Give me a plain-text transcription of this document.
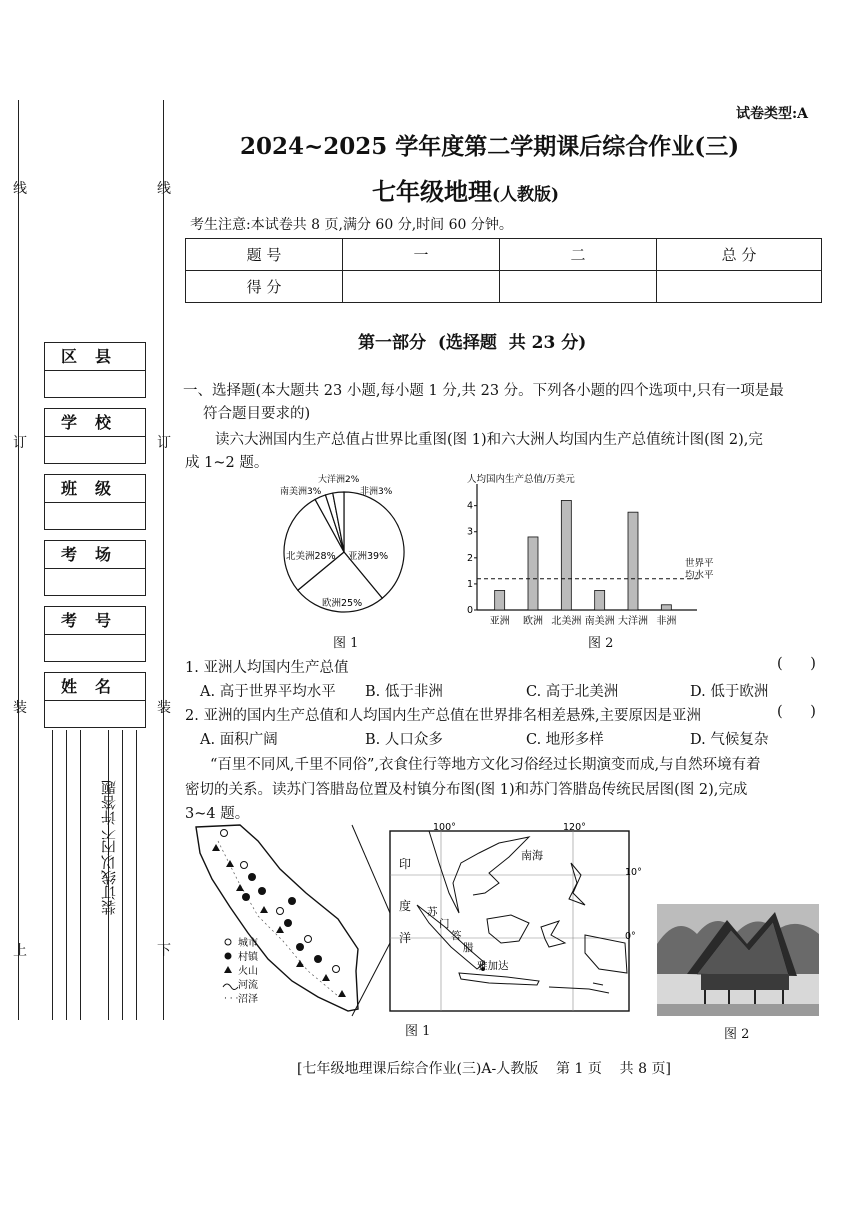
线
订
装
上
线
订
装
下
区县
学校
班级
考场
考号
姓名
装订线以内不许答题
试卷类型:A
2024~2025 学年度第二学期课后综合作业(三)
七年级地理(人教版)
考生注意:本试卷共 8 页,满分 60 分,时间 60 分钟。
题 号	一	二	总 分
得 分			
第一部分  (选择题  共 23 分)
一、选择题(本大题共 23 小题,每小题 1 分,共 23 分。下列各小题的四个选项中,只有一项是最
符合题目要求的)
读六大洲国内生产总值占世界比重图(图 1)和六大洲人均国内生产总值统计图(图 2),完
成 1~2 题。
大洋洲2%
南美洲3%	非洲3%
北美洲28% 亚洲39%
欧洲25%
图 1
人均国内生产总值/万美元
0
1
2
3
4
亚洲 欧洲 北美洲 南美洲 大洋洲 非洲
世界平
均水平
图 2
1. 亚洲人均国内生产总值	(      )
A. 高于世界平均水平 B. 低于非洲	C. 高于北美洲	D. 低于欧洲
2. 亚洲的国内生产总值和人均国内生产总值在世界排名相差悬殊,主要原因是亚洲	(      )
A. 面积广阔	B. 人口众多	C. 地形多样	D. 气候复杂
“百里不同风,千里不同俗”,衣食住行等地方文化习俗经过长期演变而成,与自然环境有着
密切的关系。读苏门答腊岛位置及村镇分布图(图 1)和苏门答腊岛传统民居图(图 2),完成
3~4 题。
· · ·
城市
村镇
火山
河流
沼泽
100°	120°
10°
0°
南海
印
度
洋
苏
门
答
腊
雅加达
图 1	图 2
[七年级地理课后综合作业(三)A-人教版    第 1 页    共 8 页]
